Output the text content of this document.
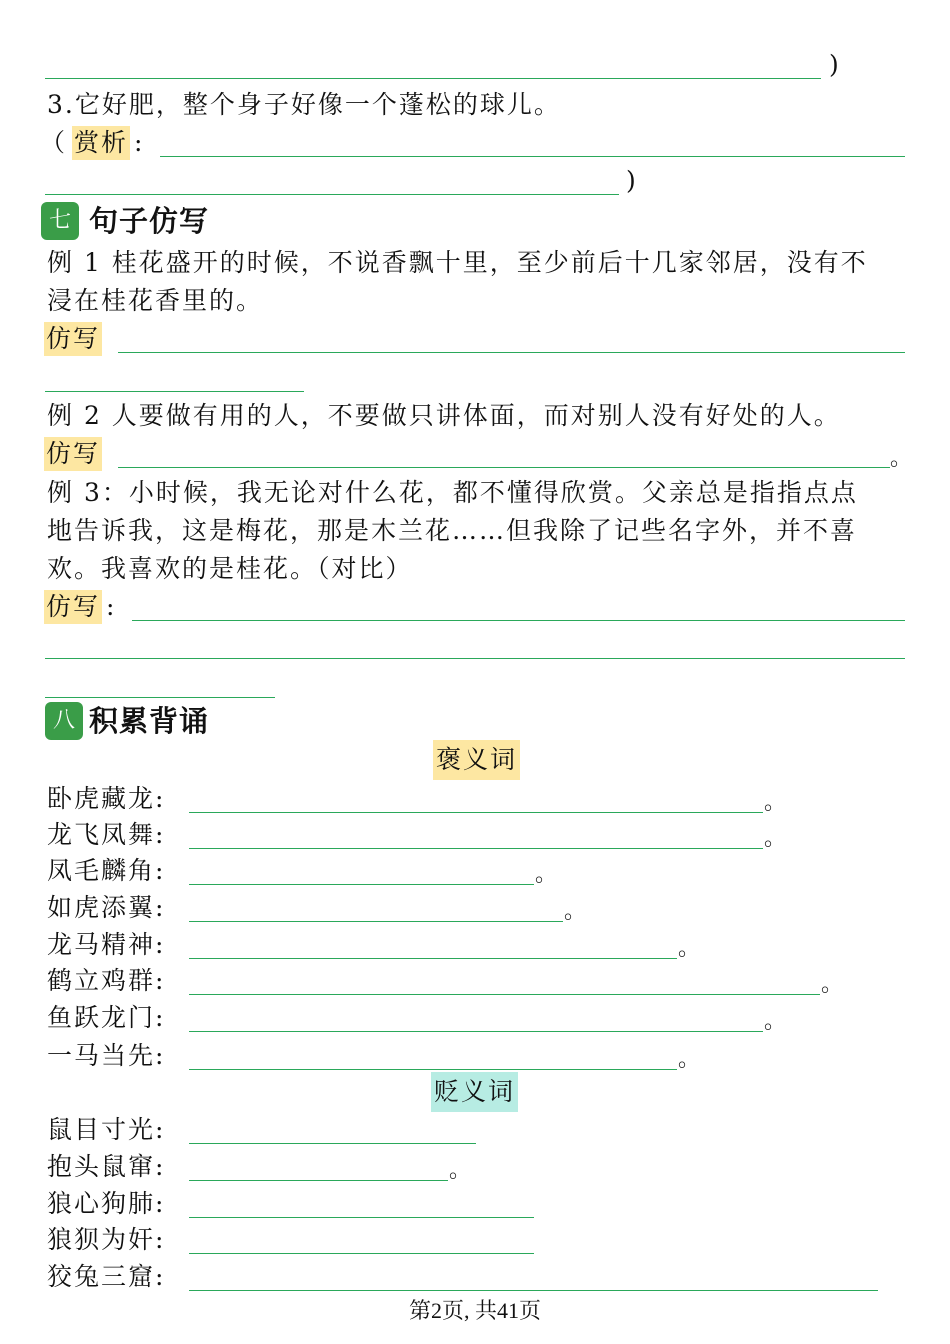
)
3.它好肥，整个身子好像一个蓬松的球儿。
（ 赏析 :
)
七 句子仿写
例 1 桂花盛开的时候，不说香飘十里，至少前后十几家邻居，没有不
浸在桂花香里的。
仿写
例 2 人要做有用的人，不要做只讲体面，而对别人没有好处的人。
仿写	。
例 3：小时候，我无论对什么花，都不懂得欣赏。父亲总是指指点点
地告诉我，这是梅花，那是木兰花……但我除了记些名字外，并不喜
欢。我喜欢的是桂花。（对比）
仿写 :
八 积累背诵
褒义词
卧虎藏龙:	。
龙飞凤舞:	。
凤毛麟角:	。
如虎添翼:	。
龙马精神:	。
鹤立鸡群:	。
鱼跃龙门:	。
一马当先:	。
贬义词
鼠目寸光:
抱头鼠窜:	。
狼心狗肺:
狼狈为奸:
狡兔三窟:
第2页, 共41页
